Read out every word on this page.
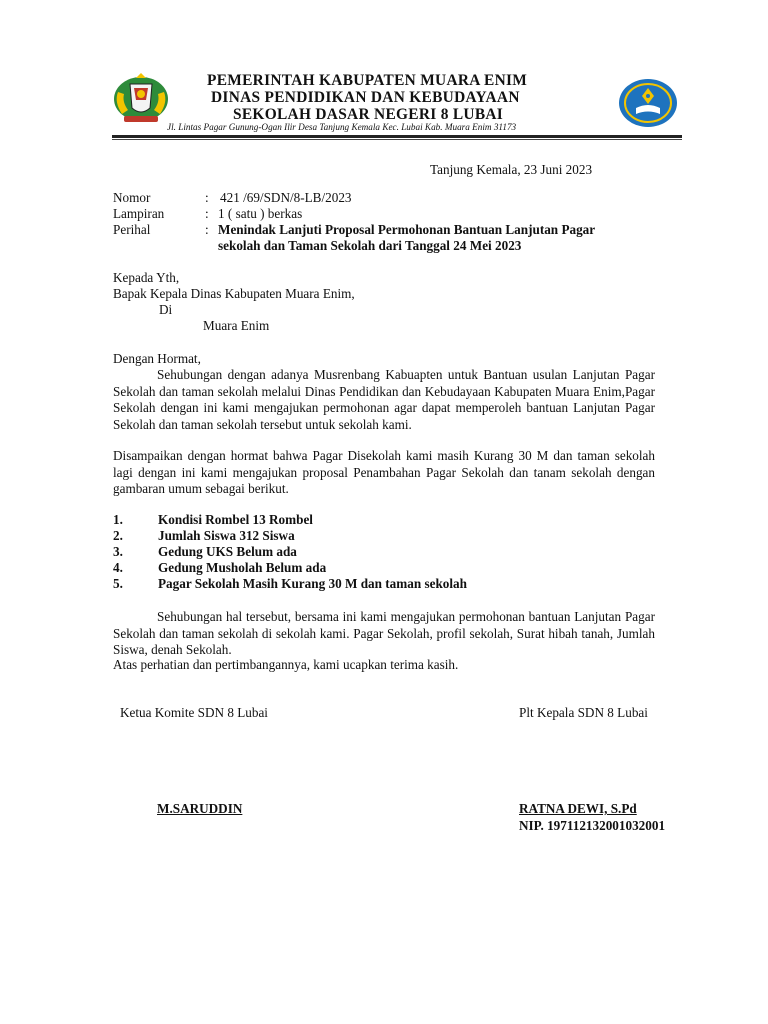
PEMERINTAH KABUPATEN MUARA ENIM
DINAS PENDIDIKAN DAN KEBUDAYAAN
SEKOLAH DASAR NEGERI 8 LUBAI
Jl. Lintas Pagar Gunung-Ogan Ilir Desa Tanjung Kemala Kec. Lubai Kab. Muara Enim 31173
Tanjung Kemala, 23 Juni 2023
Nomor	: 421 /69/SDN/8-LB/2023
Lampiran	: 1 ( satu ) berkas
Perihal	: Menindak Lanjuti Proposal Permohonan Bantuan Lanjutan Pagar
sekolah dan Taman Sekolah dari Tanggal 24 Mei 2023
Kepada Yth,
Bapak Kepala Dinas Kabupaten Muara Enim,
Di
Muara Enim
Dengan Hormat,

Sehubungan dengan adanya Musrenbang Kabuapten untuk Bantuan usulan Lanjutan Pagar Sekolah dan taman sekolah melalui Dinas Pendidikan dan Kebudayaan Kabupaten Muara Enim,Pagar Sekolah dengan ini kami mengajukan permohonan agar dapat memperoleh bantuan Lanjutan Pagar Sekolah dan taman sekolah tersebut untuk sekolah kami.

Disampaikan dengan hormat bahwa Pagar Disekolah kami masih Kurang 30 M dan taman sekolah lagi dengan ini kami mengajukan proposal Penambahan Pagar Sekolah dan tanam sekolah dengan gambaran umum sebagai berikut.

1.	Kondisi Rombel 13 Rombel
2.	Jumlah Siswa 312 Siswa
3.	Gedung UKS Belum ada
4.	Gedung Musholah Belum ada
5.	Pagar Sekolah Masih Kurang 30 M dan taman sekolah

Sehubungan hal tersebut, bersama ini kami mengajukan permohonan bantuan Lanjutan Pagar Sekolah dan taman sekolah di sekolah kami. Pagar Sekolah, profil sekolah, Surat hibah tanah, Jumlah Siswa, denah Sekolah.

Atas perhatian dan pertimbangannya, kami ucapkan terima kasih.
Ketua Komite SDN 8 Lubai	Plt Kepala SDN 8 Lubai
M.SARUDDIN	RATNA DEWI, S.Pd
NIP. 197112132001032001
